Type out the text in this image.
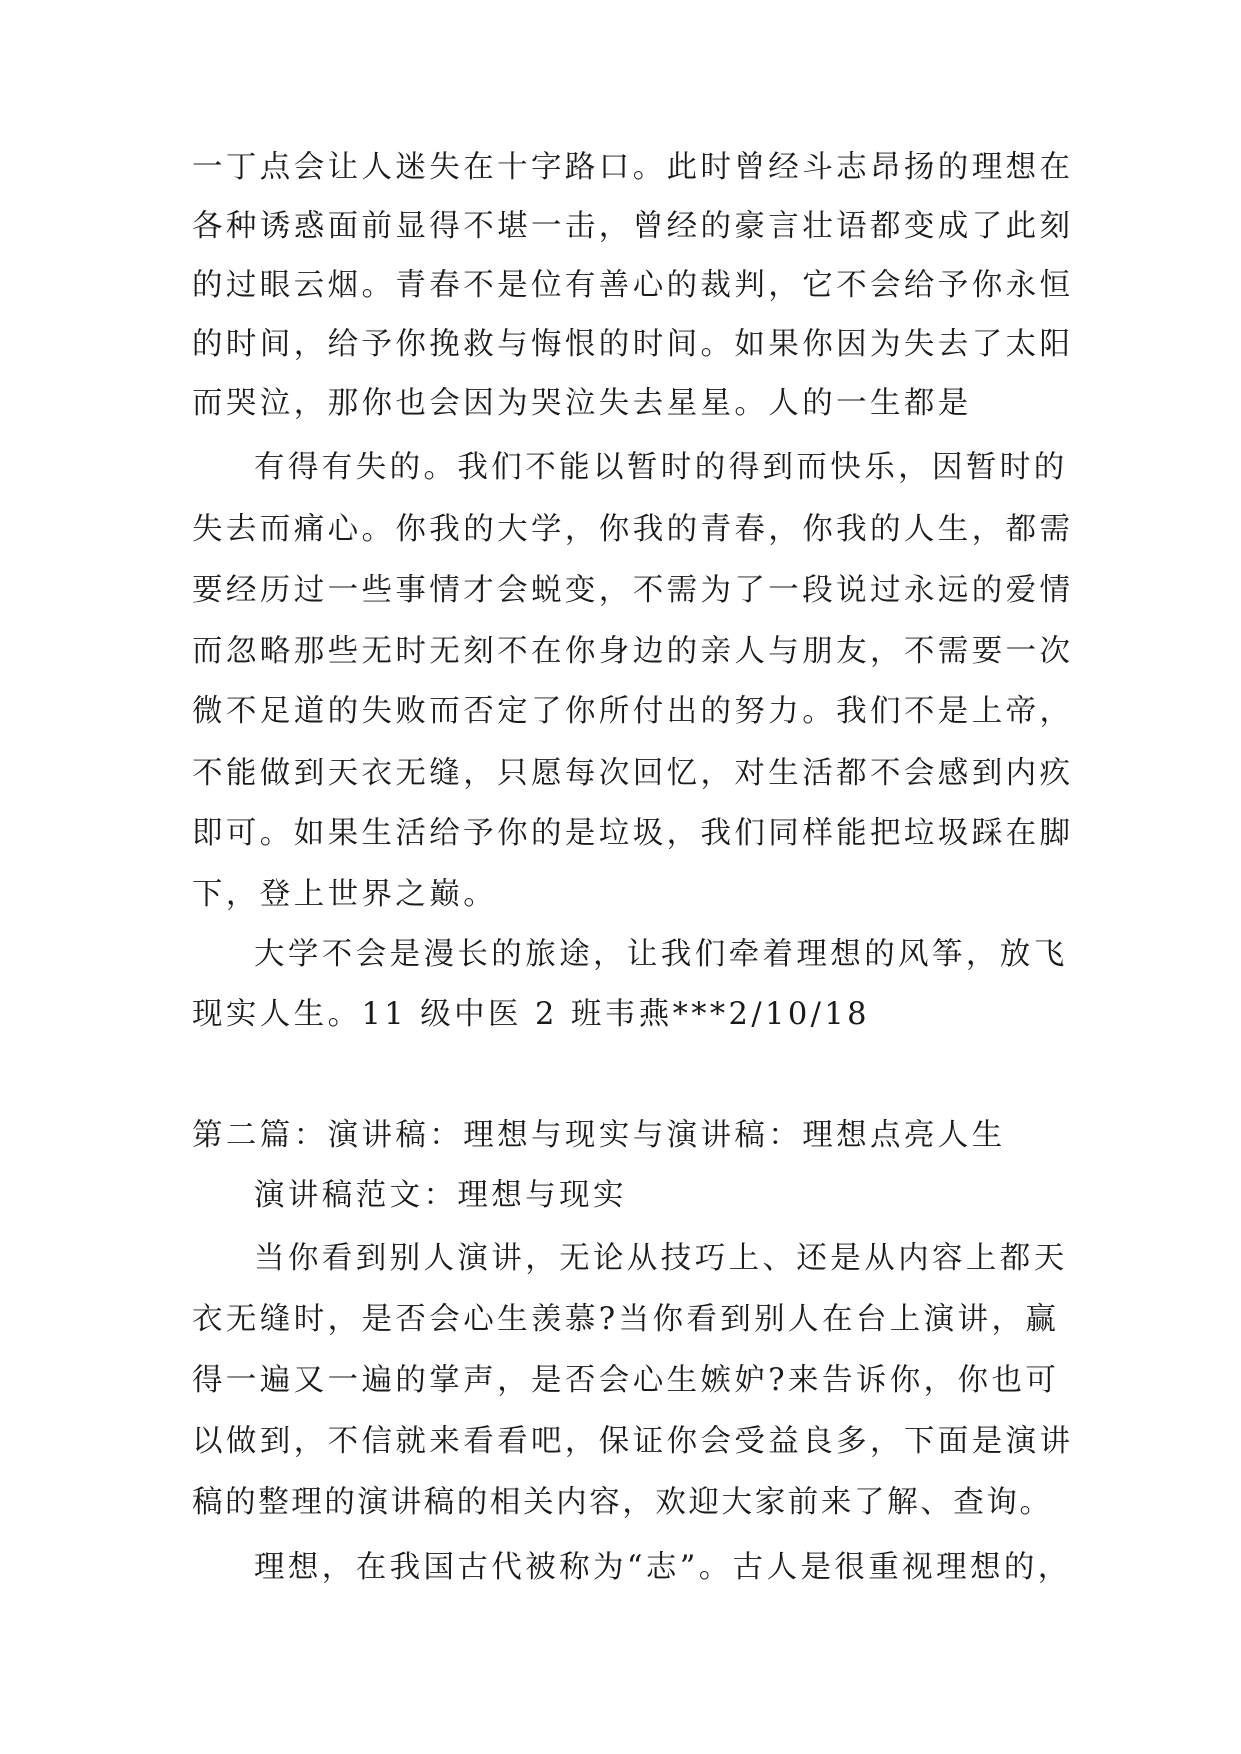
一丁点会让人迷失在十字路口。此时曾经斗志昂扬的理想在
各种诱惑面前显得不堪一击，曾经的豪言壮语都变成了此刻
的过眼云烟。青春不是位有善心的裁判，它不会给予你永恒
的时间，给予你挽救与悔恨的时间。如果你因为失去了太阳
而哭泣，那你也会因为哭泣失去星星。人的一生都是
有得有失的。我们不能以暂时的得到而快乐，因暂时的
失去而痛心。你我的大学，你我的青春，你我的人生，都需
要经历过一些事情才会蜕变，不需为了一段说过永远的爱情
而忽略那些无时无刻不在你身边的亲人与朋友，不需要一次
微不足道的失败而否定了你所付出的努力。我们不是上帝，
不能做到天衣无缝，只愿每次回忆，对生活都不会感到内疚
即可。如果生活给予你的是垃圾，我们同样能把垃圾踩在脚
下，登上世界之巅。
大学不会是漫长的旅途，让我们牵着理想的风筝，放飞
现实人生。11 级中医 2 班韦燕***2/10/18
第二篇：演讲稿：理想与现实与演讲稿：理想点亮人生
演讲稿范文：理想与现实
当你看到别人演讲，无论从技巧上、还是从内容上都天
衣无缝时，是否会心生羡慕?当你看到别人在台上演讲，赢
得一遍又一遍的掌声，是否会心生嫉妒?来告诉你，你也可
以做到，不信就来看看吧，保证你会受益良多，下面是演讲
稿的整理的演讲稿的相关内容，欢迎大家前来了解、查询。
理想，在我国古代被称为“志”。古人是很重视理想的，
